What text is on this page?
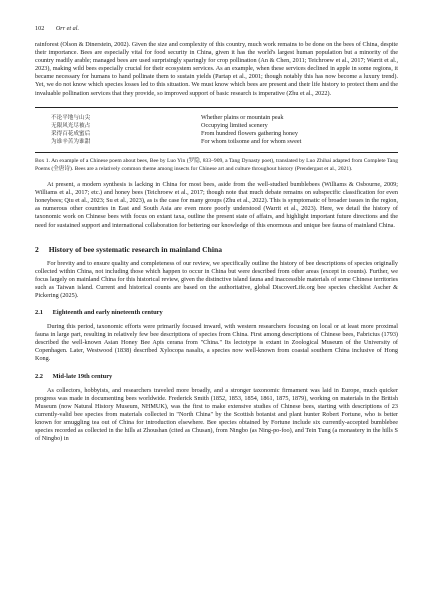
102 Orr et al.

rainforest (Olson & Dinerstein, 2002). Given the size and complexity of this country, much work remains to be done on the bees of China, despite their importance. Bees are especially vital for food security in China, given it has the world's largest human population but a minority of the country readily arable; managed bees are used surprisingly sparingly for crop pollination (An & Chen, 2011; Teichroew et al., 2017; Warrit et al., 2023), making wild bees especially crucial for their ecosystem services. As an example, when these services declined in apple in some regions, it became necessary for humans to hand pollinate them to sustain yields (Partap et al., 2001; though notably this has now become a luxury trend). Yet, we do not know which species losses led to this situation. We must know which bees are present and their life history to protect them and the invaluable pollination services that they provide, so improved support of basic research is imperative (Zhu et al., 2022).

不论平地与山尖	Whether plains or mountain peak
无限风光尽被占	Occupying limited scenery
采得百花成蜜后	From hundred flowers gathering honey
为谁辛苦为谁甜	For whom toilsome and for whom sweet
Box 1. An example of a Chinese poem about bees, Bee by Luo Yin (罗隐, 833–909, a Tang Dynasty poet), translated by Luo Zhihai adapted from Complete Tang Poems (全唐诗). Bees are a relatively common theme among insects for Chinese art and culture throughout history (Prendergast et al., 2021).

At present, a modern synthesis is lacking in China for most bees, aside from the well-studied bumblebees (Williams & Osbourne, 2009; Williams et al., 2017; etc.) and honey bees (Teichroew et al., 2017; though note that much debate remains on subspecific classification for even honeybees; Qiu et al., 2023; Su et al., 2023), as is the case for many groups (Zhu et al., 2022). This is symptomatic of broader issues in the region, as numerous other countries in East and South Asia are even more poorly understood (Warrit et al., 2023). Here, we detail the history of taxonomic work on Chinese bees with focus on extant taxa, outline the present state of affairs, and highlight important future directions and the need for sustained support and international collaboration for bettering our knowledge of this enormous and unique bee fauna of mainland China.

2 History of bee systematic research in mainland China

For brevity and to ensure quality and completeness of our review, we specifically outline the history of bee descriptions of species originally collected within China, not including those which happen to occur in China but were described from other areas (except in counts). Further, we focus largely on mainland China for this historical review, given the distinctive island fauna and inaccessible materials of some Chinese territories such as Taiwan island. Current and historical counts are based on the authoritative, global DiscoverLife.org bee species checklist Ascher & Pickering (2025).

2.1 Eighteenth and early nineteenth century

During this period, taxonomic efforts were primarily focused inward, with western researchers focusing on local or at least more proximal fauna in large part, resulting in relatively few bee descriptions of species from China. First among descriptions of Chinese bees, Fabricius (1793) described the well-known Asian Honey Bee Apis cerana from "China." Its lectotype is extant in Zoological Museum of the University of Copenhagen. Later, Westwood (1838) described Xylocopa nasalis, a species now well-known from coastal southern China inclusive of Hong Kong.

2.2 Mid-late 19th century

As collectors, hobbyists, and researchers traveled more broadly, and a stronger taxonomic firmament was laid in Europe, much quicker progress was made in documenting bees worldwide. Frederick Smith (1852, 1853, 1854, 1861, 1875, 1879), working on materials in the British Museum (now Natural History Museum, NHMUK), was the first to make extensive studies of Chinese bees, starting with descriptions of 23 currently-valid bee species from materials collected in "North China" by the Scottish botanist and plant hunter Robert Fortune, who is better known for smuggling tea out of China for introduction elsewhere. Bee species obtained by Fortune include six currently-accepted bumblebee species recorded as collected in the hills at Zhoushan (cited as Chusan), from Ningbo (as Ning-po-foo), and Tein Tung (a monastery in the hills S of Ningbo) in
